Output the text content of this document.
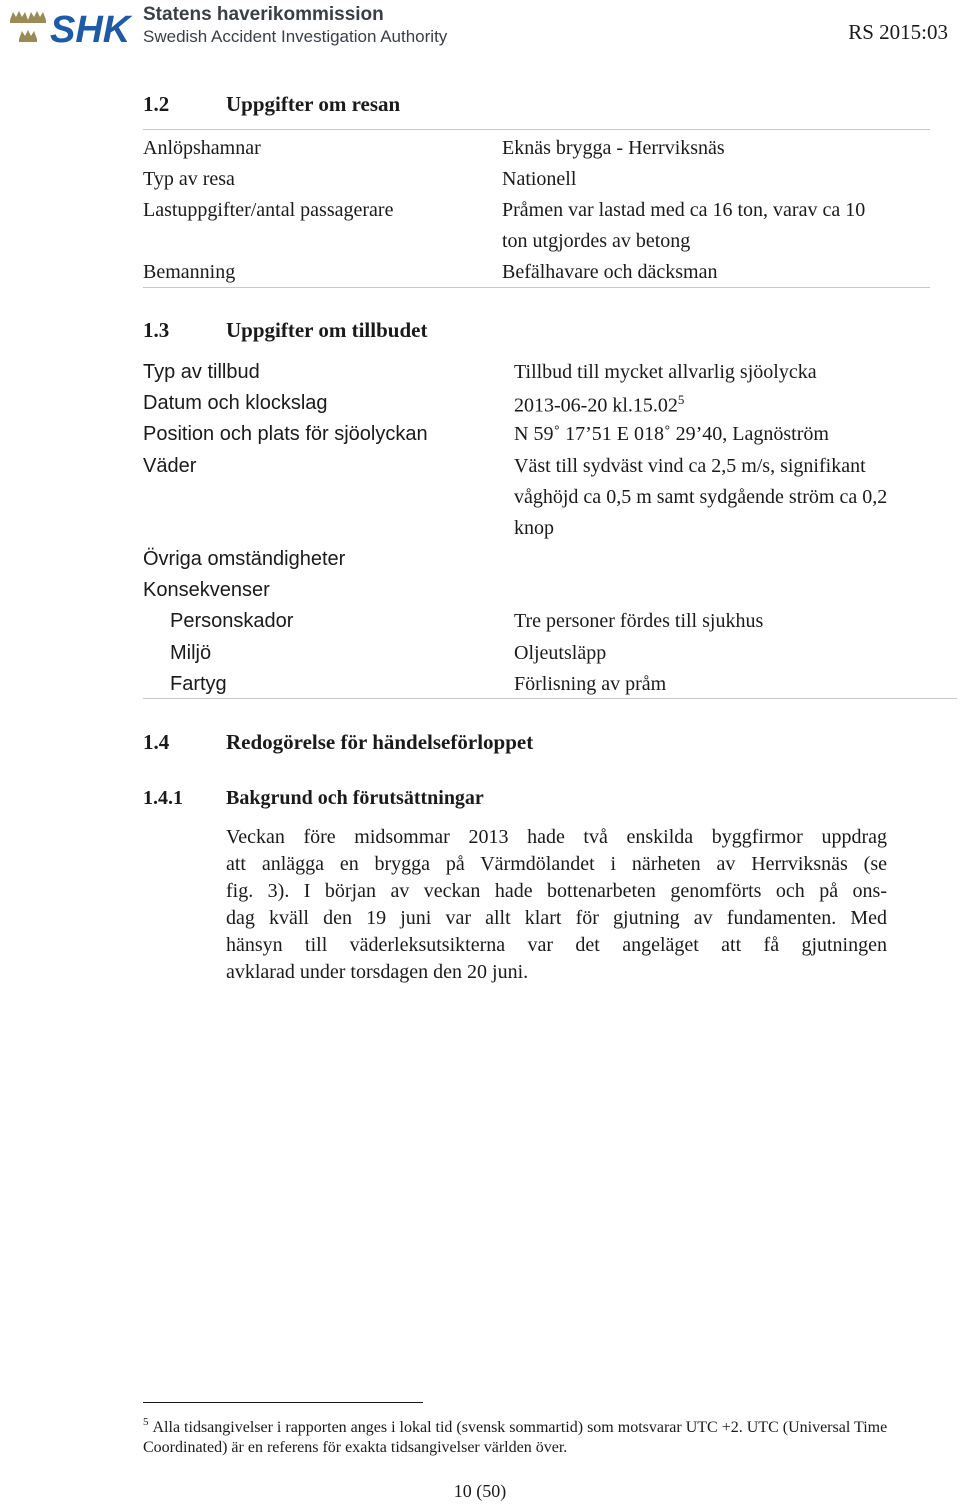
SHK Statens haverikommission
Swedish Accident Investigation Authority	RS 2015:03
1.2	Uppgifter om resan
Anlöpshamnar	Eknäs brygga - Herrviksnäs
Typ av resa	Nationell
Lastuppgifter/antal passagerare	Pråmen var lastad med ca 16 ton, varav ca 10
ton utgjordes av betong
Bemanning	Befälhavare och däcksman
1.3	Uppgifter om tillbudet
Typ av tillbud	Tillbud till mycket allvarlig sjöolycka
Datum och klockslag	2013-06-20 kl.15.02$^5$
Position och plats för sjöolyckan	N 59˚ 17’51 E 018˚ 29’40, Lagnöström
Väder	Väst till sydväst vind ca 2,5 m/s, signifikant
våghöjd ca 0,5 m samt sydgående ström ca 0,2
knop
Övriga omständigheter
Konsekvenser
Personskador	Tre personer fördes till sjukhus
Miljö	Oljeutsläpp
Fartyg	Förlisning av pråm
1.4	Redogörelse för händelseförloppet
1.4.1 Bakgrund och förutsättningar
Veckan före midsommar 2013 hade två enskilda byggfirmor uppdrag
att anlägga en brygga på Värmdölandet i närheten av Herrviksnäs (se
fig. 3). I början av veckan hade bottenarbeten genomförts och på ons-
dag kväll den 19 juni var allt klart för gjutning av fundamenten. Med
hänsyn till väderleksutsikterna var det angeläget att få gjutningen
avklarad under torsdagen den 20 juni.
$^5$ Alla tidsangivelser i rapporten anges i lokal tid (svensk sommartid) som motsvarar UTC +2. UTC (Universal Time Coordinated) är en referens för exakta tidsangivelser världen över.
10 (50)
